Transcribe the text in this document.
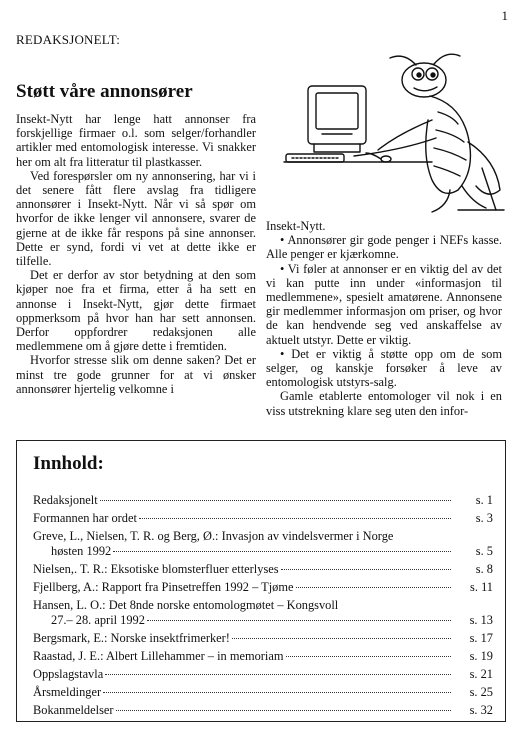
1
REDAKSJONELT:
Støtt våre annonsører

Insekt-Nytt har lenge hatt annonser fra forskjellige firmaer o.l. som selger/forhandler artikler med entomologisk interesse. Vi snakker her om alt fra litteratur til plastkasser.

Ved forespørsler om ny annonsering, har vi i det senere fått flere avslag fra tidligere annonsører i Insekt-Nytt. Når vi så spør om hvorfor de ikke lenger vil annonsere, svarer de gjerne at de ikke får respons på sine annonser. Dette er synd, fordi vi vet at dette ikke er tilfelle.

Det er derfor av stor betydning at den som kjøper noe fra et firma, etter å ha sett en annonse i Insekt-Nytt, gjør dette firmaet oppmerksom på hvor han har sett annonsen. Derfor oppfordrer redaksjonen alle medlemmene om å gjøre dette i fremtiden.

Hvorfor stresse slik om denne saken? Det er minst tre gode grunner for at vi ønsker annonsører hjertelig velkomne i

Insekt-Nytt.

• Annonsører gir gode penger i NEFs kasse. Alle penger er kjærkomne.

• Vi føler at annonser er en viktig del av det vi kan putte inn under «informasjon til medlemmene», spesielt amatørene. Annonsene gir medlemmer informasjon om priser, og hvor de kan hendvende seg ved anskaffelse av aktuelt utstyr. Dette er viktig.

• Det er viktig å støtte opp om de som selger, og kanskje forsøker å leve av entomologisk utstyrs-salg.

Gamle etablerte entomologer vil nok i en viss utstrekning klare seg uten den infor-

Innhold:
Redaksjonelt	s. 1
Formannen har ordet	s. 3
Greve, L., Nielsen, T. R. og Berg, Ø.: Invasjon av vindelsvermer i Norge
høsten 1992	s. 5
Nielsen,. T. R.: Eksotiske blomsterfluer etterlyses	s. 8
Fjellberg, A.: Rapport fra Pinsetreffen 1992 – Tjøme	s. 11
Hansen, L. O.: Det 8nde norske entomologmøtet – Kongsvoll
27.– 28. april 1992	s. 13
Bergsmark, E.: Norske insektfrimerker!	s. 17
Raastad, J. E.: Albert Lillehammer – in memoriam	s. 19
Oppslagstavla	s. 21
Årsmeldinger	s. 25
Bokanmeldelser	s. 32
